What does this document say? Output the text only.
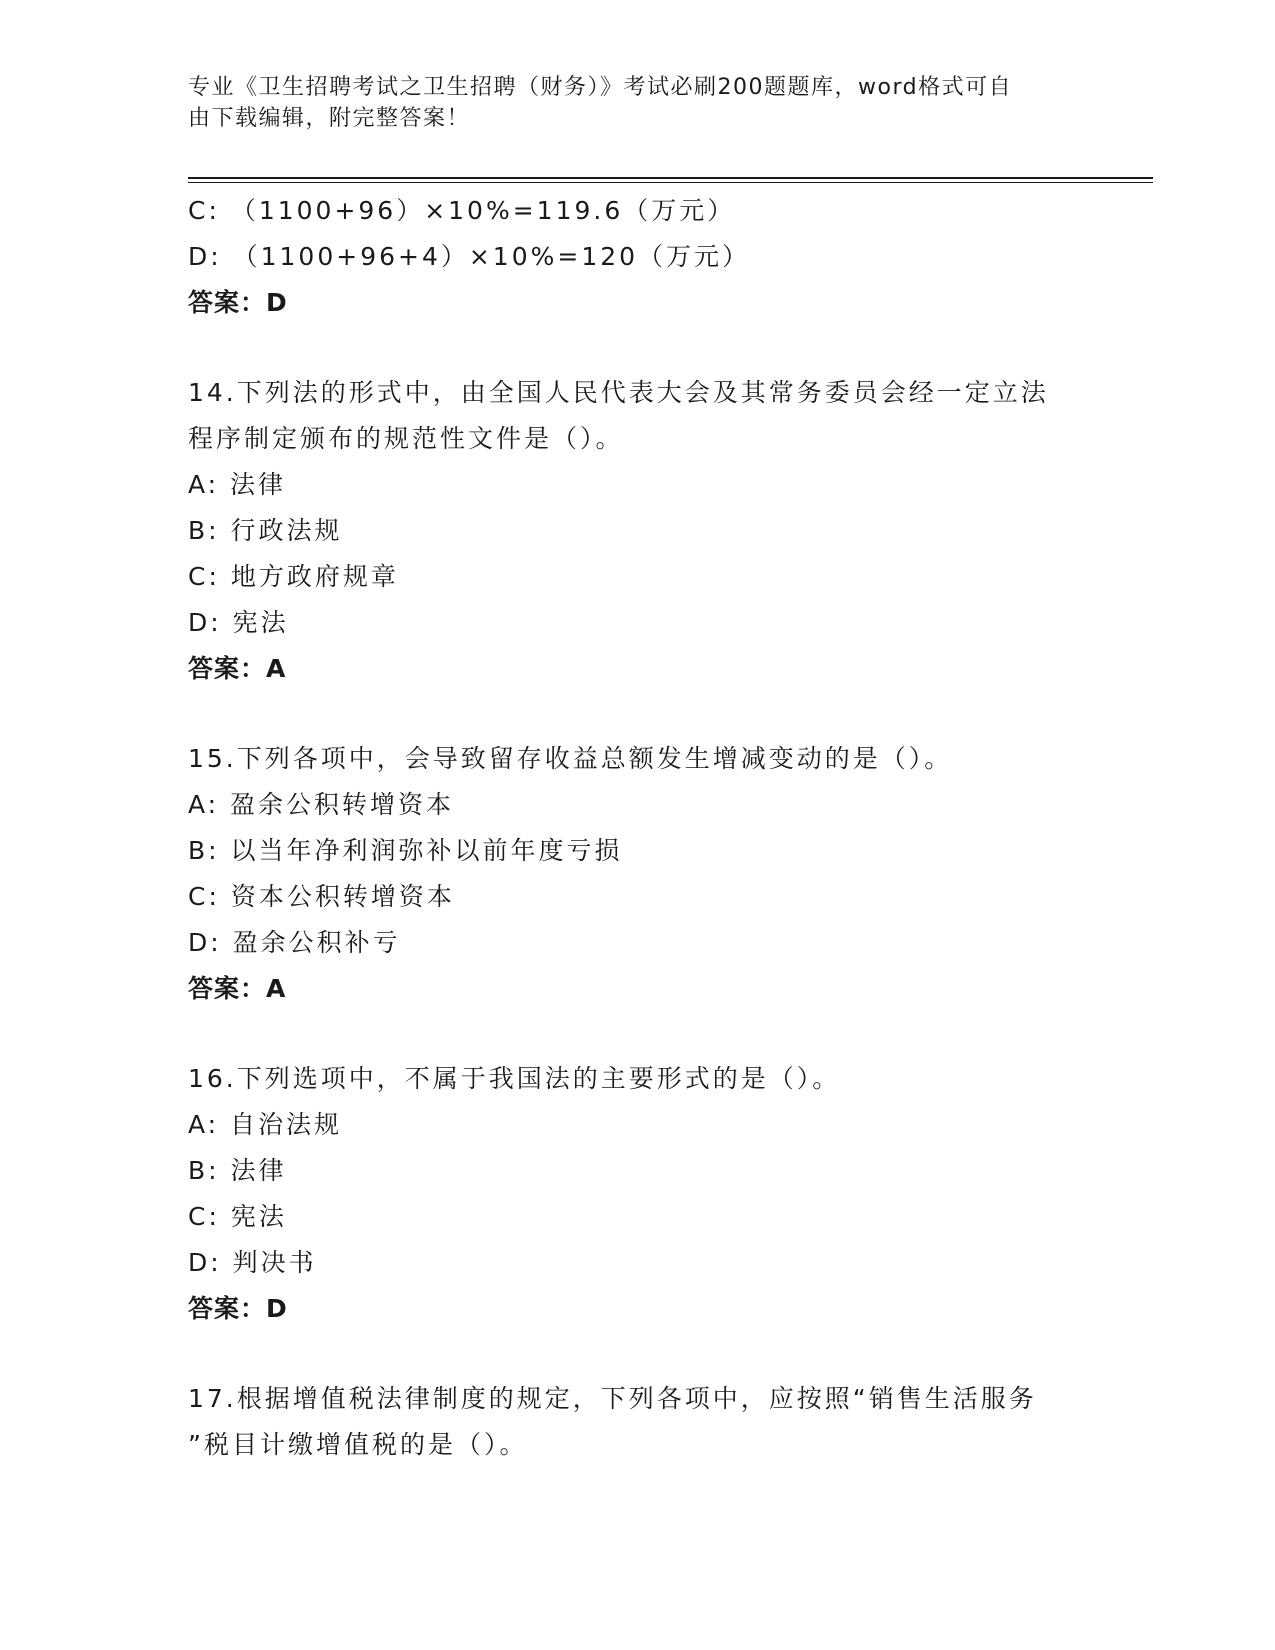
专业《卫生招聘考试之卫生招聘（财务）》考试必刷200题题库，word格式可自
由下载编辑，附完整答案！
C: （1100+96）×10%=119.6（万元）
D: （1100+96+4）×10%=120（万元）
答案：D
14.下列法的形式中，由全国人民代表大会及其常务委员会经一定立法
程序制定颁布的规范性文件是（）。
A: 法律
B: 行政法规
C: 地方政府规章
D: 宪法
答案：A
15.下列各项中，会导致留存收益总额发生增减变动的是（）。
A: 盈余公积转增资本
B: 以当年净利润弥补以前年度亏损
C: 资本公积转增资本
D: 盈余公积补亏
答案：A
16.下列选项中，不属于我国法的主要形式的是（）。
A: 自治法规
B: 法律
C: 宪法
D: 判决书
答案：D
17.根据增值税法律制度的规定，下列各项中，应按照“销售生活服务
”税目计缴增值税的是（）。
